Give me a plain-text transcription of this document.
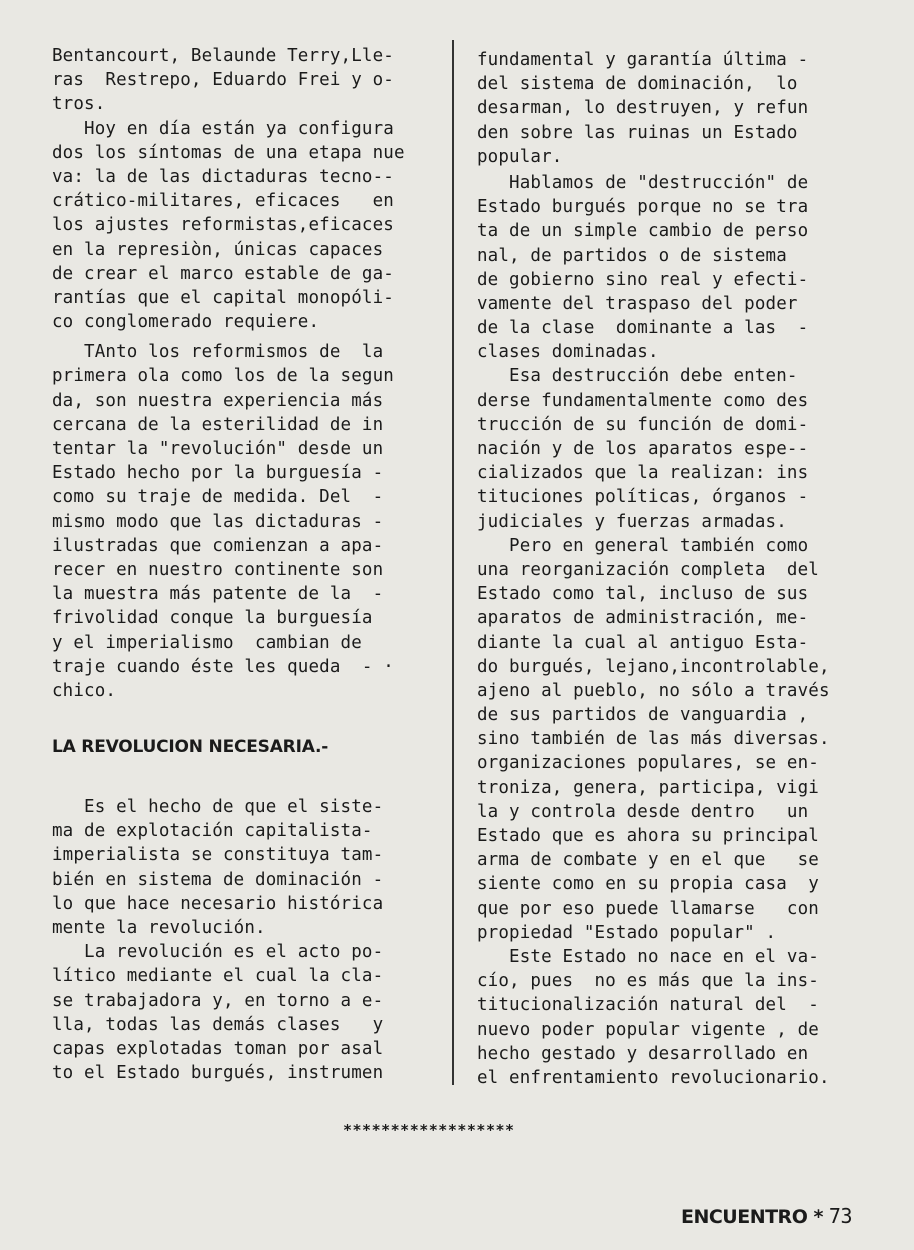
Bentancourt, Belaunde Terry,Lle-
ras  Restrepo, Eduardo Frei y o-
tros.
Hoy en día están ya configura
dos los síntomas de una etapa nue
va: la de las dictaduras tecno--
crático-militares, eficaces   en
los ajustes reformistas,eficaces
en la represiòn, únicas capaces
de crear el marco estable de ga-
rantías que el capital monopóli-
co conglomerado requiere.
TAnto los reformismos de  la
primera ola como los de la segun
da, son nuestra experiencia más
cercana de la esterilidad de in
tentar la "revolución" desde un
Estado hecho por la burguesía -
como su traje de medida. Del  -
mismo modo que las dictaduras -
ilustradas que comienzan a apa-
recer en nuestro continente son
la muestra más patente de la  -
frivolidad conque la burguesía
y el imperialismo  cambian de
traje cuando éste les queda  - ·
chico.
LA REVOLUCION NECESARIA.-
Es el hecho de que el siste-
ma de explotación capitalista-
imperialista se constituya tam-
bién en sistema de dominación -
lo que hace necesario histórica
mente la revolución.
La revolución es el acto po-
lítico mediante el cual la cla-
se trabajadora y, en torno a e-
lla, todas las demás clases   y
capas explotadas toman por asal
to el Estado burgués, instrumen
fundamental y garantía última -
del sistema de dominación,  lo
desarman, lo destruyen, y refun
den sobre las ruinas un Estado
popular.
Hablamos de "destrucción" de
Estado burgués porque no se tra
ta de un simple cambio de perso
nal, de partidos o de sistema
de gobierno sino real y efecti-
vamente del traspaso del poder
de la clase  dominante a las  -
clases dominadas.
Esa destrucción debe enten-
derse fundamentalmente como des
trucción de su función de domi-
nación y de los aparatos espe--
cializados que la realizan: ins
tituciones políticas, órganos -
judiciales y fuerzas armadas.
Pero en general también como
una reorganización completa  del
Estado como tal, incluso de sus
aparatos de administración, me-
diante la cual al antiguo Esta-
do burgués, lejano,incontrolable,
ajeno al pueblo, no sólo a través
de sus partidos de vanguardia ,
sino también de las más diversas.
organizaciones populares, se en-
troniza, genera, participa, vigi
la y controla desde dentro   un
Estado que es ahora su principal
arma de combate y en el que   se
siente como en su propia casa  y
que por eso puede llamarse   con
propiedad "Estado popular" .
Este Estado no nace en el va-
cío, pues  no es más que la ins-
titucionalización natural del  -
nuevo poder popular vigente , de
hecho gestado y desarrollado en
el enfrentamiento revolucionario.
******************

ENCUENTRO * 73
